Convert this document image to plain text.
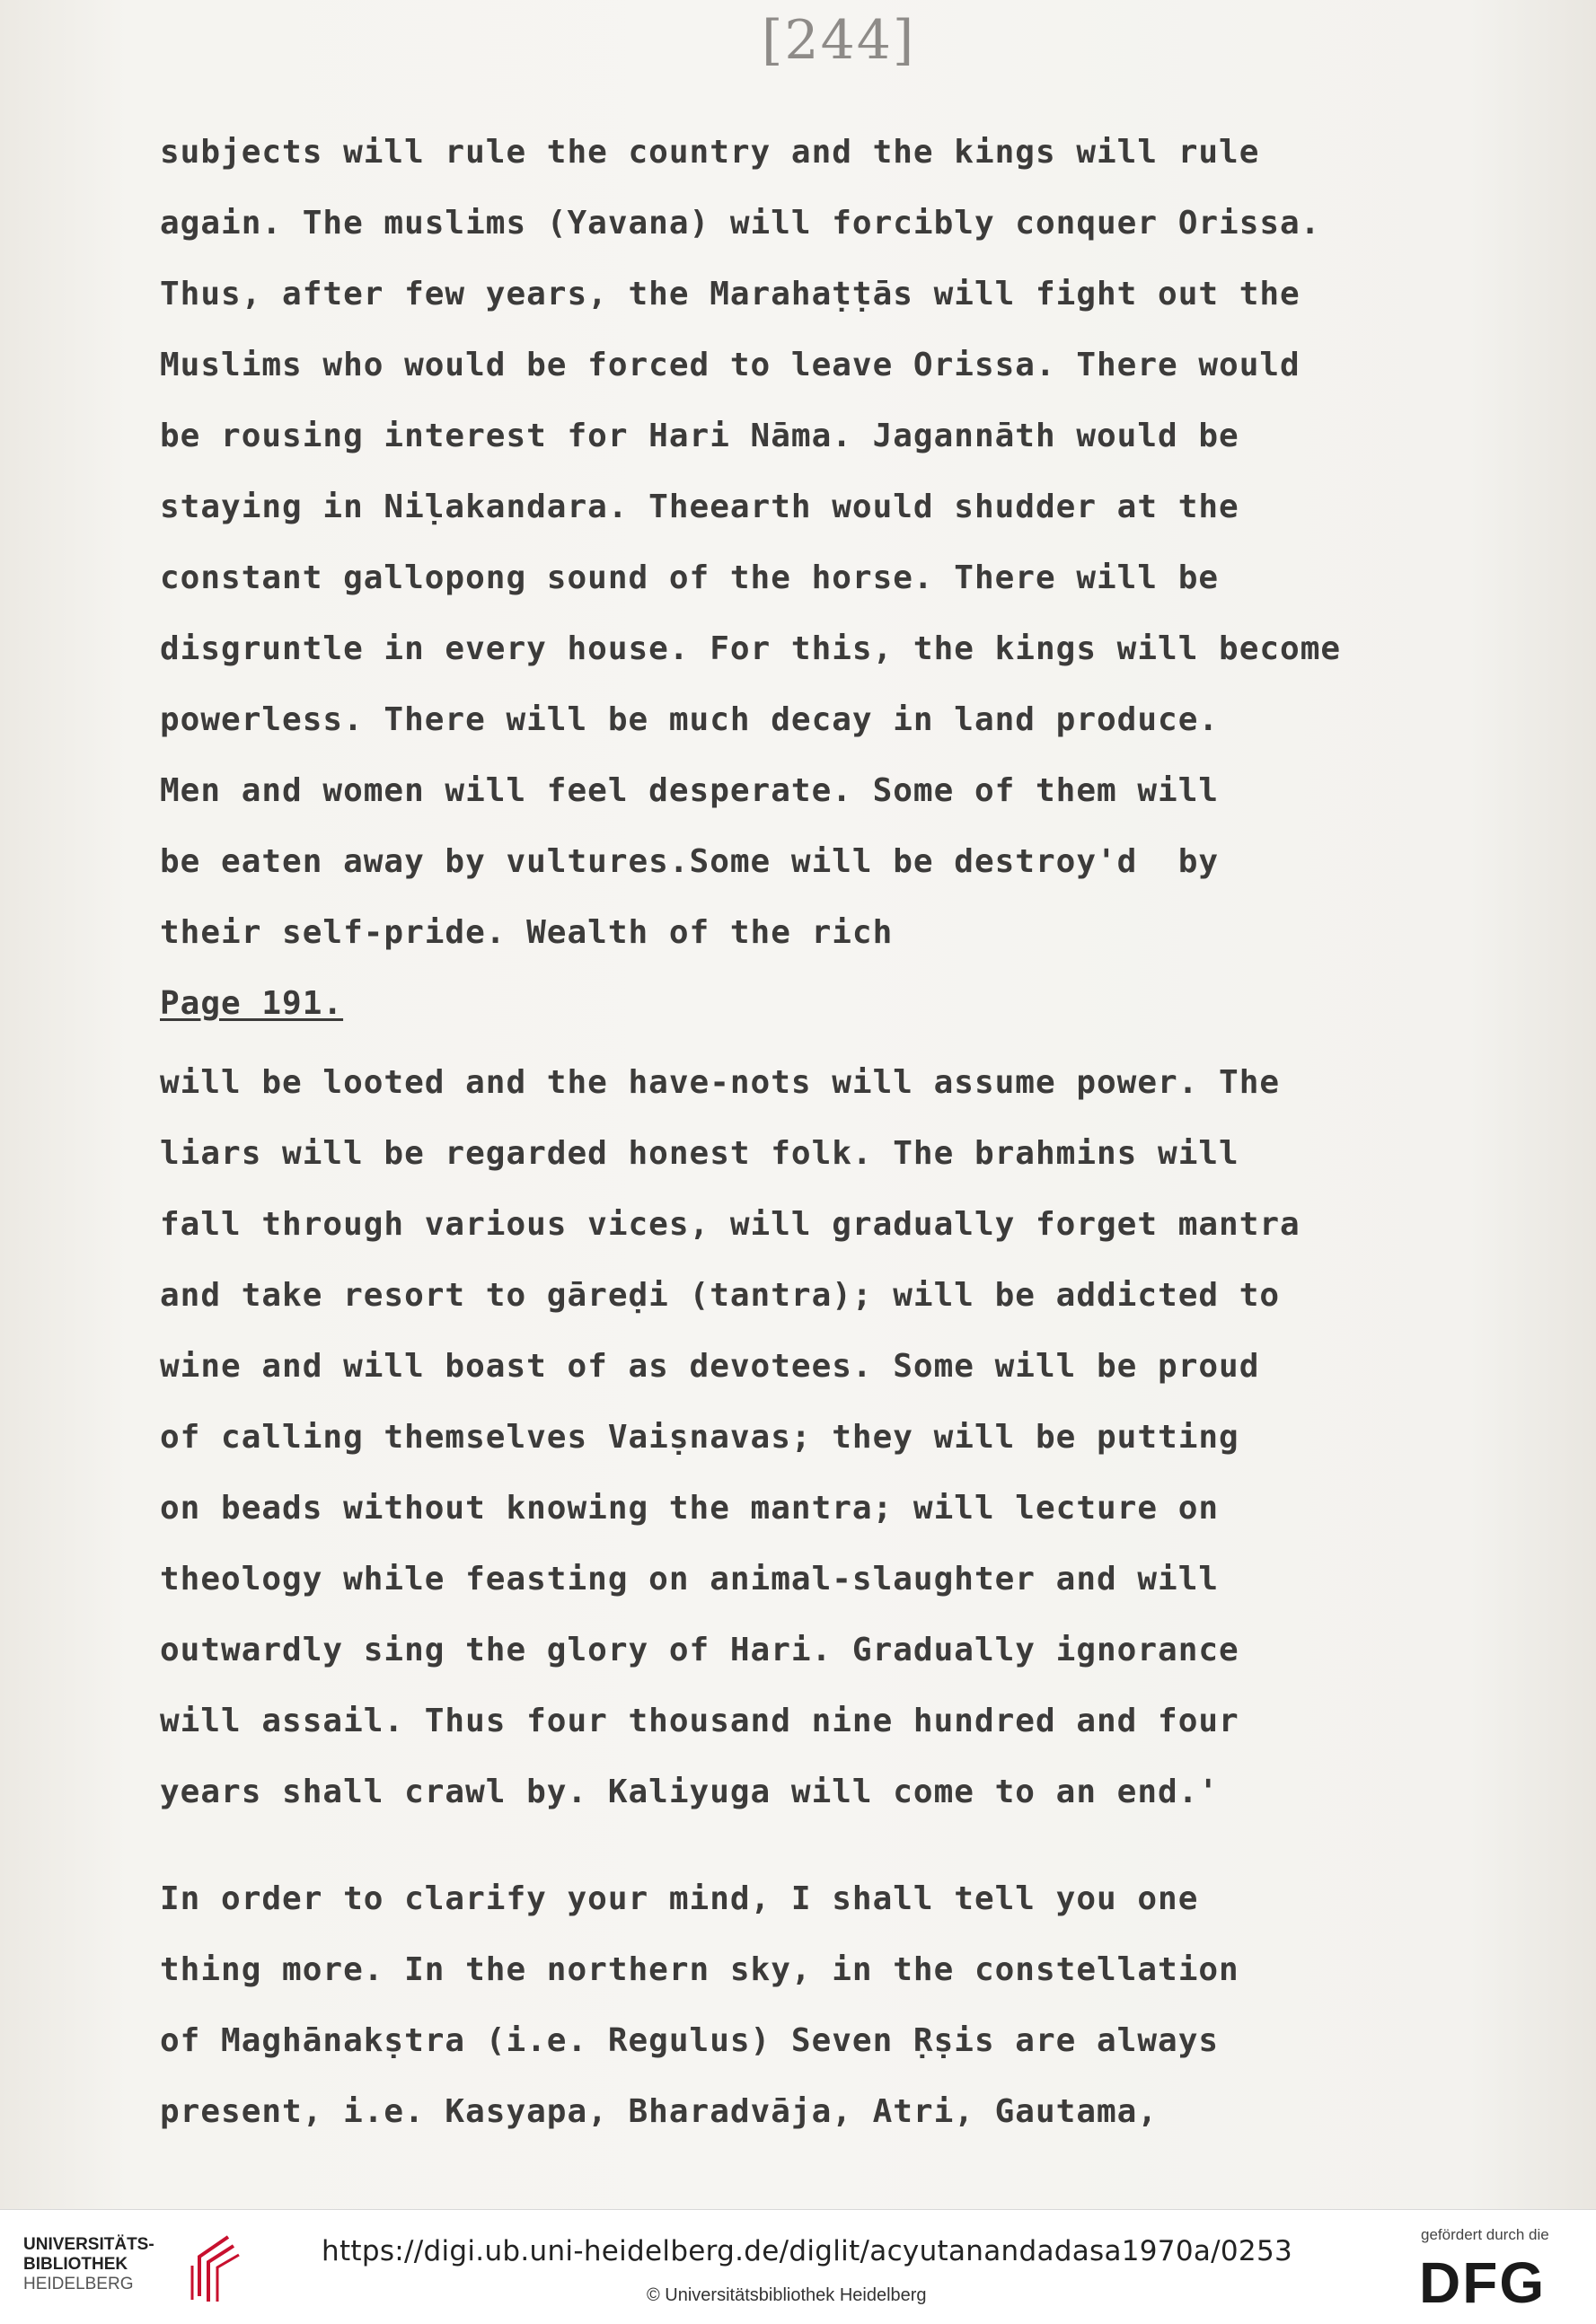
[244]
subjects will rule the country and the kings will rule
again. The muslims (Yavana) will forcibly conquer Orissa.
Thus, after few years, the Marahaṭṭās will fight out the
Muslims who would be forced to leave Orissa. There would
be rousing interest for Hari Nāma. Jagannāth would be
staying in Niḷakandara. Theearth would shudder at the
constant gallopong sound of the horse. There will be
disgruntle in every house. For this, the kings will become
powerless. There will be much decay in land produce.
Men and women will feel desperate. Some of them will
be eaten away by vultures.Some will be destroy'd  by
their self-pride. Wealth of the rich
Page 191.
will be looted and the have-nots will assume power. The
liars will be regarded honest folk. The brahmins will
fall through various vices, will gradually forget mantra
and take resort to gāreḍi (tantra); will be addicted to
wine and will boast of as devotees. Some will be proud
of calling themselves Vaiṣnavas; they will be putting
on beads without knowing the mantra; will lecture on
theology while feasting on animal-slaughter and will
outwardly sing the glory of Hari. Gradually ignorance
will assail. Thus four thousand nine hundred and four
years shall crawl by. Kaliyuga will come to an end.'
In order to clarify your mind, I shall tell you one
thing more. In the northern sky, in the constellation
of Maghānakṣtra (i.e. Regulus) Seven Ṛṣis are always
present, i.e. Kasyapa, Bharadvāja, Atri, Gautama,
UNIVERSITÄTS-
BIBLIOTHEK
HEIDELBERG
https://digi.ub.uni-heidelberg.de/diglit/acyutanandadasa1970a/0253
© Universitätsbibliothek Heidelberg
gefördert durch die
DFG
